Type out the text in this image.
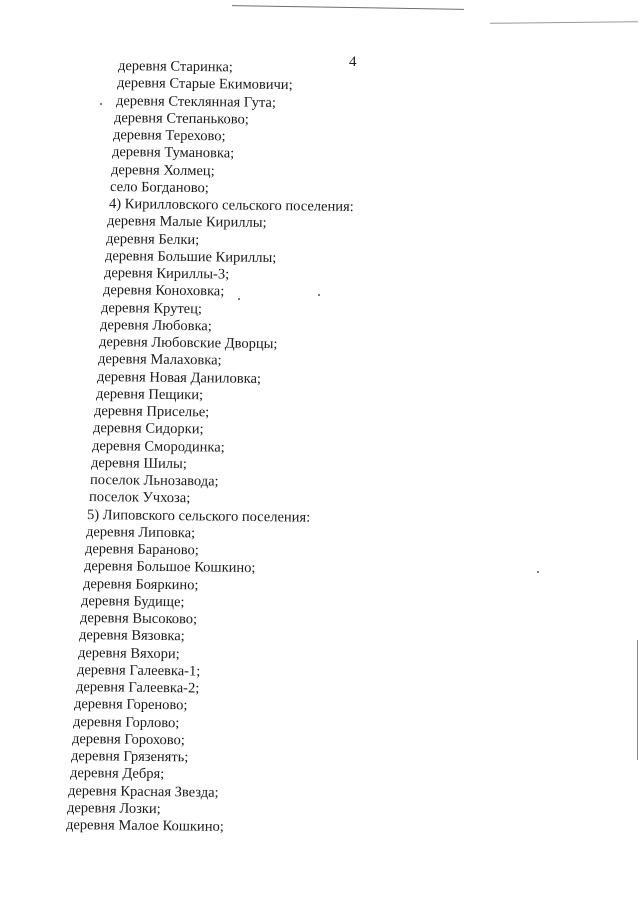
4
деревня Старинка;
деревня Старые Екимовичи;
деревня Стеклянная Гута;
деревня Степаньково;
деревня Терехово;
деревня Тумановка;
деревня Холмец;
село Богданово;
4) Кирилловского сельского поселения:
деревня Малые Кириллы;
деревня Белки;
деревня Большие Кириллы;
деревня Кириллы-3;
деревня Коноховка;
деревня Крутец;
деревня Любовка;
деревня Любовские Дворцы;
деревня Малаховка;
деревня Новая Даниловка;
деревня Пещики;
деревня Приселье;
деревня Сидорки;
деревня Смородинка;
деревня Шилы;
поселок Льнозавода;
поселок Учхоза;
5) Липовского сельского поселения:
деревня Липовка;
деревня Бараново;
деревня Большое Кошкино;
деревня Бояркино;
деревня Будище;
деревня Высоково;
деревня Вязовка;
деревня Вяхори;
деревня Галеевка-1;
деревня Галеевка-2;
деревня Гореново;
деревня Горлово;
деревня Горохово;
деревня Грязенять;
деревня Дебря;
деревня Красная Звезда;
деревня Лозки;
деревня Малое Кошкино;
